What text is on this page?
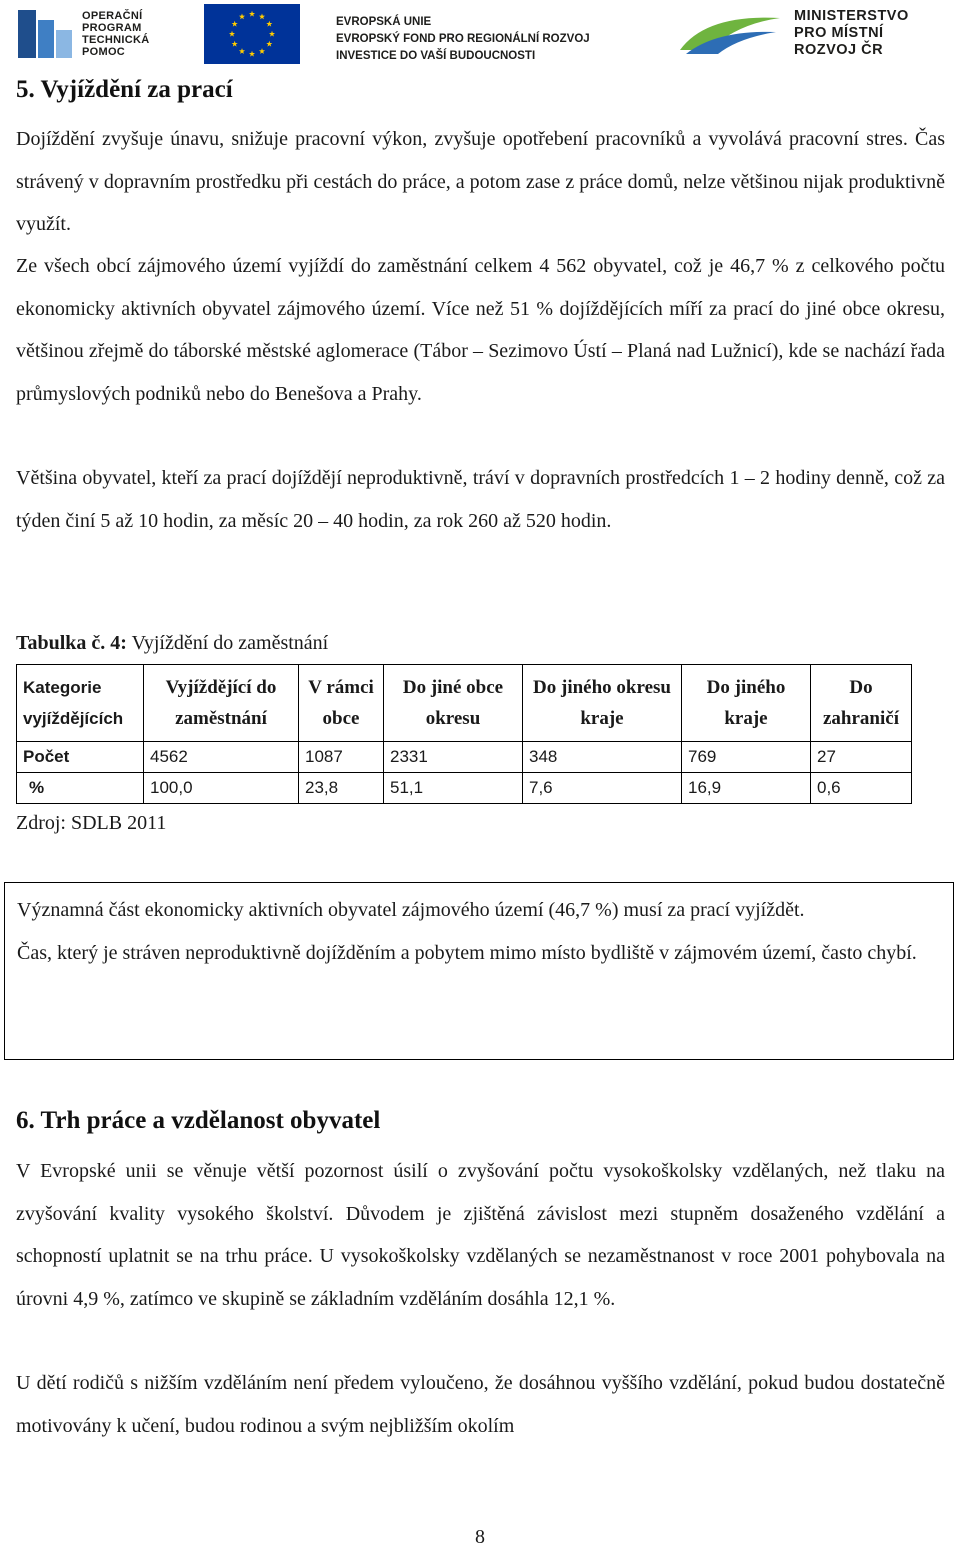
OPERAČNÍ
PROGRAM
TECHNICKÁ
POMOC
EVROPSKÁ UNIE
EVROPSKÝ FOND PRO REGIONÁLNÍ ROZVOJ
INVESTICE DO VAŠÍ BUDOUCNOSTI
MINISTERSTVO
PRO MÍSTNÍ
ROZVOJ ČR
5. Vyjíždění za prací

Dojíždění zvyšuje únavu, snižuje pracovní výkon, zvyšuje opotřebení pracovníků a vyvolává pracovní stres. Čas strávený v dopravním prostředku při cestách do práce, a potom zase z práce domů, nelze většinou nijak produktivně využít.

Ze všech obcí zájmového území vyjíždí do zaměstnání celkem 4 562 obyvatel, což je 46,7 % z celkového počtu ekonomicky aktivních obyvatel zájmového území. Více než 51 % dojíždějících míří za prací do jiné obce okresu, většinou zřejmě do táborské městské aglomerace (Tábor – Sezimovo Ústí – Planá nad Lužnicí), kde se nachází řada průmyslových podniků nebo do Benešova a Prahy.

Většina obyvatel, kteří za prací dojíždějí neproduktivně, tráví v dopravních prostředcích 1 – 2 hodiny denně, což za týden činí 5 až 10 hodin, za měsíc 20 – 40 hodin, za rok 260 až 520 hodin.

Tabulka č. 4: Vyjíždění do zaměstnání

Kategorie vyjíždějících	Vyjíždějící do zaměstnání	V rámci obce	Do jiné obce okresu	Do jiného okresu kraje	Do jiného kraje	Do zahraničí
Počet	4562	1087	2331	348	769	27
%	100,0	23,8	51,1	7,6	16,9	0,6

Zdroj: SDLB 2011

Významná část ekonomicky aktivních obyvatel zájmového území (46,7 %) musí za prací vyjíždět.

Čas, který je stráven neproduktivně dojížděním a pobytem mimo místo bydliště v zájmovém území, často chybí.

6. Trh práce a vzdělanost obyvatel

V Evropské unii se věnuje větší pozornost úsilí o zvyšování počtu vysokoškolsky vzdělaných, než tlaku na zvyšování kvality vysokého školství. Důvodem je zjištěná závislost mezi stupněm dosaženého vzdělání a schopností uplatnit se na trhu práce. U vysokoškolsky vzdělaných se nezaměstnanost v roce 2001 pohybovala na úrovni 4,9 %, zatímco ve skupině se základním vzděláním dosáhla 12,1 %.

U dětí rodičů s nižším vzděláním není předem vyloučeno, že dosáhnou vyššího vzdělání, pokud budou dostatečně motivovány k učení, budou rodinou a svým nejbližším okolím

8
